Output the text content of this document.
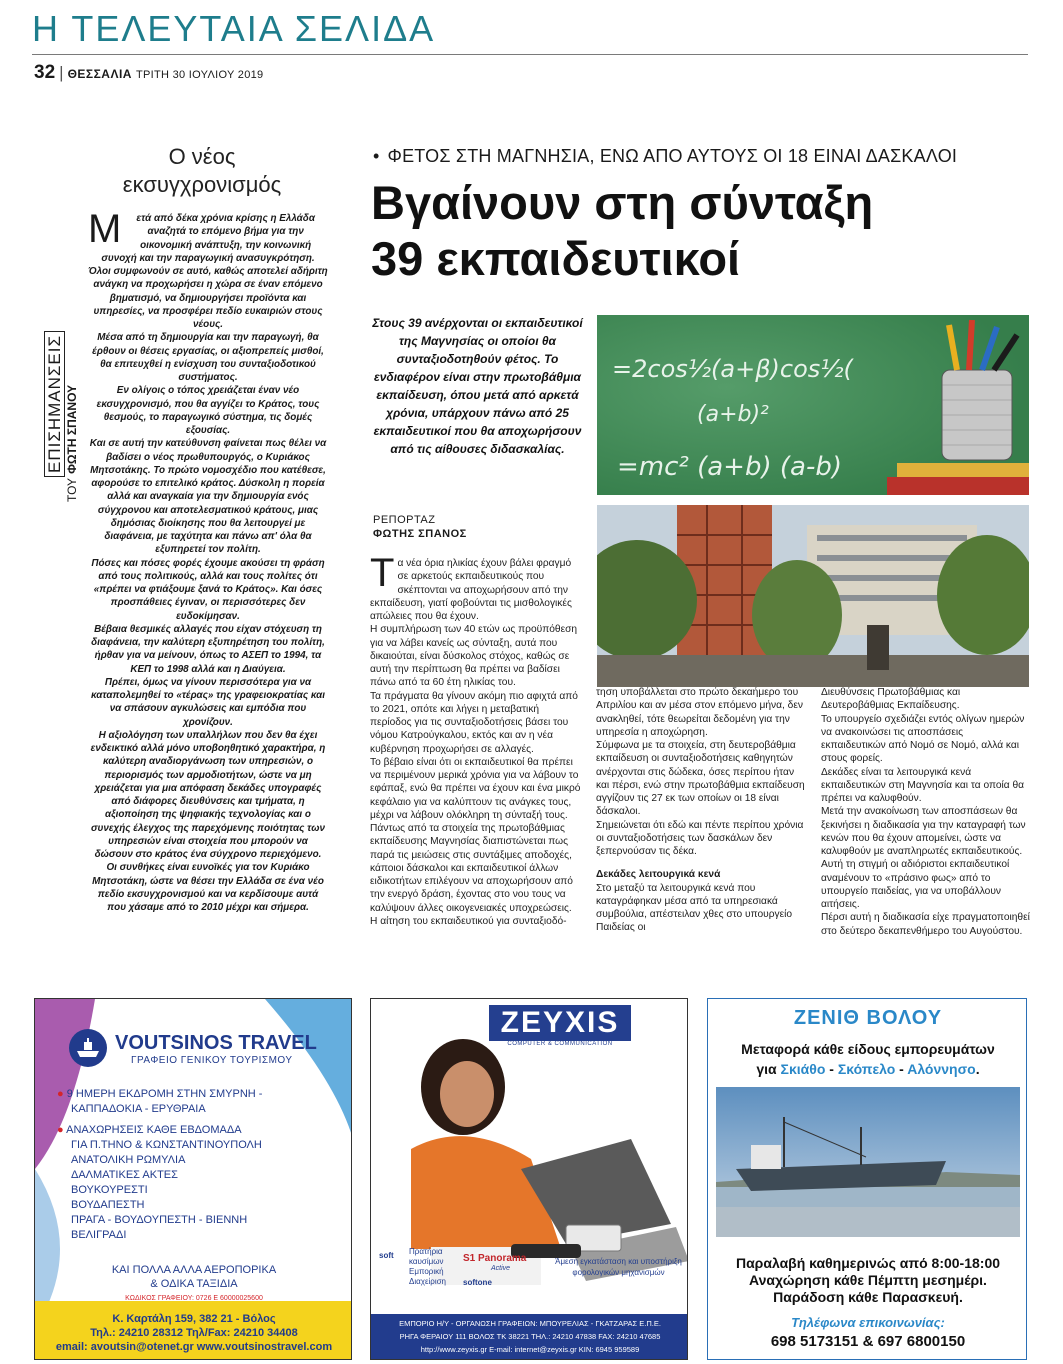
Η ΤΕΛΕΥΤΑΙΑ ΣΕΛΙΔΑ
32 | ΘΕΣΣΑΛΙΑ ΤΡΙΤΗ 30 ΙΟΥΛΙΟΥ 2019
Ο νέος εκσυγχρονισμός
ΕΠΙΣΗΜΑΝΣΕΙΣ
ΤΟΥΦΩΤΗ ΣΠΑΝΟΥ

Μ ετά από δέκα χρόνια κρίσης η Ελλάδα αναζητά το επόμενο βήμα για την οικονομική ανάπτυξη, την κοινωνική συνοχή και την παραγωγική ανασυγκρότηση.

Όλοι συμφωνούν σε αυτό, καθώς αποτελεί αδήριτη ανάγκη να προχωρήσει η χώρα σε έναν επόμενο βηματισμό, να δημιουργήσει προϊόντα και υπηρεσίες, να προσφέρει πεδίο ευκαιριών στους νέους.

Μέσα από τη δημιουργία και την παραγωγή, θα έρθουν οι θέσεις εργασίας, οι αξιοπρεπείς μισθοί, θα επιτευχθεί η ενίσχυση του συνταξιοδοτικού συστήματος.

Εν ολίγοις ο τόπος χρειάζεται έναν νέο εκσυγχρονισμό, που θα αγγίζει το Κράτος, τους θεσμούς, το παραγωγικό σύστημα, τις δομές εξουσίας.

Και σε αυτή την κατεύθυνση φαίνεται πως θέλει να βαδίσει ο νέος πρωθυπουργός, ο Κυριάκος Μητσοτάκης. Το πρώτο νομοσχέδιο που κατέθεσε, αφορούσε το επιτελικό κράτος. Δύσκολη η πορεία αλλά και αναγκαία για την δημιουργία ενός σύγχρονου και αποτελεσματικού κράτους, μιας δημόσιας διοίκησης που θα λειτουργεί με διαφάνεια, με ταχύτητα και πάνω απ' όλα θα εξυπηρετεί τον πολίτη.

Πόσες και πόσες φορές έχουμε ακούσει τη φράση από τους πολιτικούς, αλλά και τους πολίτες ότι «πρέπει να φτιάξουμε ξανά το Κράτος». Και όσες προσπάθειες έγιναν, οι περισσότερες δεν ευδοκίμησαν.

Βέβαια θεσμικές αλλαγές που είχαν στόχευση τη διαφάνεια, την καλύτερη εξυπηρέτηση του πολίτη, ήρθαν για να μείνουν, όπως το ΑΣΕΠ το 1994, τα ΚΕΠ το 1998 αλλά και η Διαύγεια.

Πρέπει, όμως να γίνουν περισσότερα για να καταπολεμηθεί το «τέρας» της γραφειοκρατίας και να σπάσουν αγκυλώσεις και εμπόδια που χρονίζουν.

Η αξιολόγηση των υπαλλήλων που δεν θα έχει ενδεικτικό αλλά μόνο υποβοηθητικό χαρακτήρα, η καλύτερη αναδιοργάνωση των υπηρεσιών, ο περιορισμός των αρμοδιοτήτων, ώστε να μη χρειάζεται για μια απόφαση δεκάδες υπογραφές από διάφορες διευθύνσεις και τμήματα, η αξιοποίηση της ψηφιακής τεχνολογίας και ο συνεχής έλεγχος της παρεχόμενης ποιότητας των υπηρεσιών είναι στοιχεία που μπορούν να δώσουν στο κράτος ένα σύγχρονο περιεχόμενο.

Οι συνθήκες είναι ευνοϊκές για τον Κυριάκο Μητσοτάκη, ώστε να θέσει την Ελλάδα σε ένα νέο πεδίο εκσυγχρονισμού και να κερδίσουμε αυτά που χάσαμε από το 2010 μέχρι και σήμερα.

• ΦΕΤΟΣ ΣΤΗ ΜΑΓΝΗΣΙΑ, ΕΝΩ ΑΠΟ ΑΥΤΟΥΣ ΟΙ 18 ΕΙΝΑΙ ΔΑΣΚΑΛΟΙ
Βγαίνουν στη σύνταξη
39 εκπαιδευτικοί
Στους 39 ανέρχονται οι εκπαιδευτικοί της Μαγνησίας οι οποίοι θα συνταξιοδοτηθούν φέτος. Το ενδιαφέρον είναι στην πρωτοβάθμια εκπαίδευση, όπου μετά από αρκετά χρόνια, υπάρχουν πάνω από 25 εκπαιδευτικοί που θα αποχωρήσουν από τις αίθουσες διδασκαλίας.
=2cos½(a+β)cos½(
(a+b)²
=mc² (a+b) (a-b)
ΡΕΠΟΡΤΑΖ
ΦΩΤΗΣ ΣΠΑΝΟΣ

Τα νέα όρια ηλικίας έχουν βάλει φραγμό σε αρκετούς εκπαιδευτικούς που σκέπτονται να αποχωρήσουν από την εκπαίδευση, γιατί φοβούνται τις μισθολογικές απώλειες που θα έχουν.

Η συμπλήρωση των 40 ετών ως προϋπόθεση για να λάβει κανείς ως σύνταξη, αυτά που δικαιούται, είναι δύσκολος στόχος, καθώς σε αυτή την περίπτωση θα πρέπει να βαδίσει πάνω από τα 60 έτη ηλικίας του.

Τα πράγματα θα γίνουν ακόμη πιο αφιχτά από το 2021, οπότε και λήγει η μεταβατική περίοδος για τις συνταξιοδοτήσεις βάσει του νόμου Κατρούγκαλου, εκτός και αν η νέα κυβέρνηση προχωρήσει σε αλλαγές.

Το βέβαιο είναι ότι οι εκπαιδευτικοί θα πρέπει να περιμένουν μερικά χρόνια για να λάβουν το εφάπαξ, ενώ θα πρέπει να έχουν και ένα μικρό κεφάλαιο για να καλύπτουν τις ανάγκες τους, μέχρι να λάβουν ολόκληρη τη σύνταξή τους.

Πάντως από τα στοιχεία της πρωτοβάθμιας εκπαίδευσης Μαγνησίας διαπιστώνεται πως παρά τις μειώσεις στις συντάξιμες αποδοχές, κάποιοι δάσκαλοι και εκπαιδευτικοί άλλων ειδικοτήτων επιλέγουν να αποχωρήσουν από την ενεργό δράση, έχοντας στο νου τους να καλύψουν άλλες οικογενειακές υποχρεώσεις.

Η αίτηση του εκπαιδευτικού για συνταξιοδό-

τηση υποβάλλεται στο πρώτο δεκαήμερο του Απριλίου και αν μέσα στον επόμενο μήνα, δεν ανακληθεί, τότε θεωρείται δεδομένη για την υπηρεσία η αποχώρηση.

Σύμφωνα με τα στοιχεία, στη δευτεροβάθμια εκπαίδευση οι συνταξιοδοτήσεις καθηγητών ανέρχονται στις δώδεκα, όσες περίπου ήταν και πέρσι, ενώ στην πρωτοβάθμια εκπαίδευση αγγίζουν τις 27 εκ των οποίων οι 18 είναι δάσκαλοι.

Σημειώνεται ότι εδώ και πέντε περίπου χρόνια οι συνταξιοδοτήσεις των δασκάλων δεν ξεπερνούσαν τις δέκα.

Δεκάδες λειτουργικά κενά

Στο μεταξύ τα λειτουργικά κενά που καταγράφηκαν μέσα από τα υπηρεσιακά συμβούλια, απέστειλαν χθες στο υπουργείο Παιδείας οι

Διευθύνσεις Πρωτοβάθμιας και Δευτεροβάθμιας Εκπαίδευσης.

Το υπουργείο σχεδιάζει εντός ολίγων ημερών να ανακοινώσει τις αποσπάσεις εκπαιδευτικών από Νομό σε Νομό, αλλά και στους φορείς.

Δεκάδες είναι τα λειτουργικά κενά εκπαιδευτικών στη Μαγνησία και τα οποία θα πρέπει να καλυφθούν.

Μετά την ανακοίνωση των αποσπάσεων θα ξεκινήσει η διαδικασία για την καταγραφή των κενών που θα έχουν απομείνει, ώστε να καλυφθούν με αναπληρωτές εκπαιδευτικούς.

Αυτή τη στιγμή οι αδιόριστοι εκπαιδευτικοί αναμένουν το «πράσινο φως» από το υπουργείο παιδείας, για να υποβάλλουν αιτήσεις.

Πέρσι αυτή η διαδικασία είχε πραγματοποιηθεί στο δεύτερο δεκαπενθήμερο του Αυγούστου.

VOUTSINOS TRAVEL
ΓΡΑΦΕΙΟ ΓΕΝΙΚΟΥ ΤΟΥΡΙΣΜΟΥ
● 9 ΗΜΕΡΗ ΕΚΔΡΟΜΗ ΣΤΗΝ ΣΜΥΡΝΗ -
ΚΑΠΠΑΔΟΚΙΑ - ΕΡΥΘΡΑΙΑ
● ΑΝΑΧΩΡΗΣΕΙΣ ΚΑΘΕ ΕΒΔΟΜΑΔΑ
ΓΙΑ Π.ΤΗΝΟ & ΚΩΝΣΤΑΝΤΙΝΟΥΠΟΛΗ
ΑΝΑΤΟΛΙΚΗ ΡΩΜΥΛΙΑ
ΔΑΛΜΑΤΙΚΕΣ ΑΚΤΕΣ
ΒΟΥΚΟΥΡΕΣΤΙ
ΒΟΥΔΑΠΕΣΤΗ
ΠΡΑΓΑ - ΒΟΥΔΟΥΠΕΣΤΗ - ΒΙΕΝΝΗ
ΒΕΛΙΓΡΑΔΙ
ΚΑΙ ΠΟΛΛΑ ΑΛΛΑ ΑΕΡΟΠΟΡΙΚΑ
& ΟΔΙΚΑ ΤΑΞΙΔΙΑ
ΚΩΔΙΚΟΣ ΓΡΑΦΕΙΟΥ: 0726 Ε 60000025600
Κ. Καρτάλη 159, 382 21 - Βόλος
Τηλ.: 24210 28312 Τηλ/Fax: 24210 34408
email: avoutsin@otenet.gr www.voutsinostravel.com
ZEYXIS
COMPUTER & COMMUNICATION
soft Πρατήρια
καυσίμων
Εμπορική
Διαχείριση
S1 Panorama
Active
softone
Άμεση εγκατάσταση και υποστήριξη
φορολογικών μηχανισμών
ΕΜΠΟΡΙΟ Η/Υ - ΟΡΓΑΝΩΣΗ ΓΡΑΦΕΙΩΝ: ΜΠΟΥΡΕΛΙΑΣ - ΓΚΑΤΖΑΡΑΣ Ε.Π.Ε.
ΡΗΓΑ ΦΕΡΑΙΟΥ 111 ΒΟΛΟΣ ΤΚ 38221 ΤΗΛ.: 24210 47838 FAX: 24210 47685
http://www.zeyxis.gr E-mail: internet@zeyxis.gr ΚΙΝ: 6945 959589
ΖΕΝΙΘ ΒΟΛΟΥ
Μεταφορά κάθε είδους εμπορευμάτων
για Σκιάθο - Σκόπελο - Αλόννησο.
Παραλαβή καθημερινώς από 8:00-18:00
Αναχώρηση κάθε Πέμπτη μεσημέρι.
Παράδοση κάθε Παρασκευή.
Τηλέφωνα επικοινωνίας:
698 5173151 & 697 6800150
